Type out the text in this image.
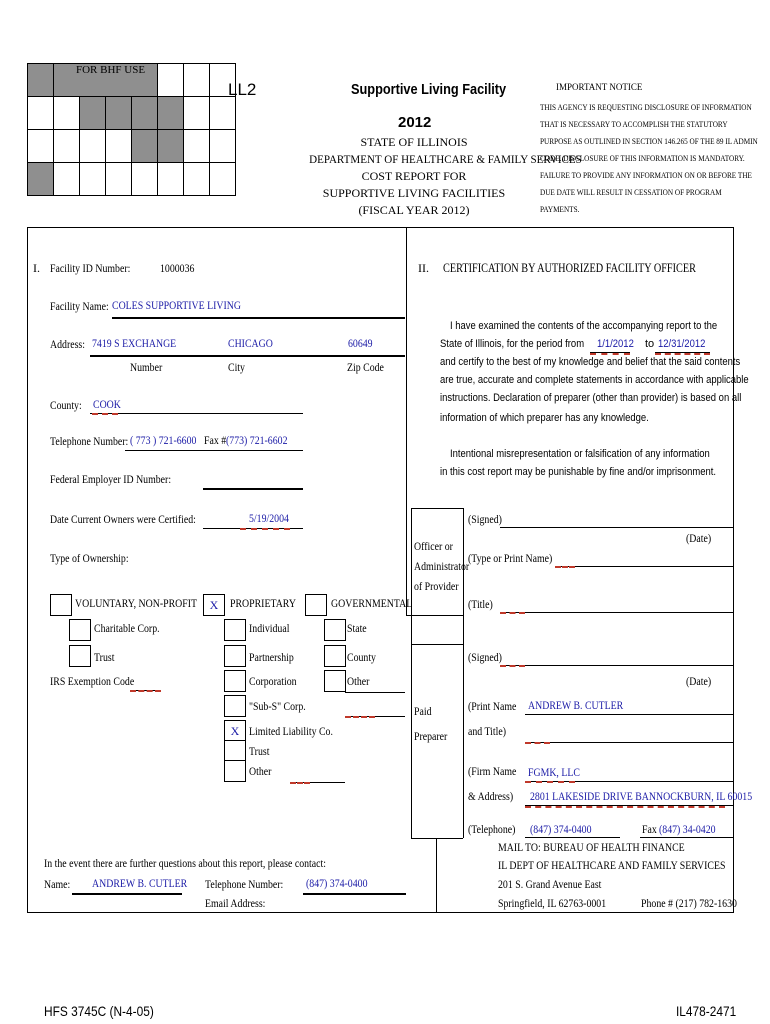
FOR BHF USE
LL2	Supportive Living Facility
2012
STATE OF ILLINOIS
DEPARTMENT OF HEALTHCARE & FAMILY SERVICES
COST REPORT FOR
SUPPORTIVE LIVING FACILITIES
(FISCAL YEAR 2012)
IMPORTANT NOTICE
THIS AGENCY IS REQUESTING DISCLOSURE OF INFORMATION
THAT IS NECESSARY TO ACCOMPLISH THE STATUTORY
PURPOSE AS OUTLINED IN SECTION 146.265 OF THE 89 IL ADMIN
CODE. DISCLOSURE OF THIS INFORMATION IS MANDATORY.
FAILURE TO PROVIDE ANY INFORMATION ON OR BEFORE THE
DUE DATE WILL RESULT IN CESSATION OF PROGRAM
PAYMENTS.
I. Facility ID Number: 1000036
Facility Name: COLES SUPPORTIVE LIVING
Address: 7419 S EXCHANGE	CHICAGO	60649
Number	City	Zip Code
County: COOK
Telephone Number: ( 773 ) 721-6600 Fax # (773) 721-6602
Federal Employer ID Number:
Date Current Owners were Certified:	5/19/2004
Type of Ownership:
VOLUNTARY, NON-PROFIT
Charitable Corp.
Trust
IRS Exemption Code
X PROPRIETARY
Individual
Partnership
Corporation
"Sub-S" Corp.
X Limited Liability Co.
Trust
Other
GOVERNMENTAL
State
County
Other
In the event there are further questions about this report, please contact:
Name: ANDREW B. CUTLER Telephone Number: (847) 374-0400
Email Address:
II. CERTIFICATION BY AUTHORIZED FACILITY OFFICER
I have examined the contents of the accompanying report to the
State of Illinois, for the period from 1/1/2012 to 12/31/2012
and certify to the best of my knowledge and belief that the said contents
are true, accurate and complete statements in accordance with applicable
instructions. Declaration of preparer (other than provider) is based on all
information of which preparer has any knowledge.
Intentional misrepresentation or falsification of any information
in this cost report may be punishable by fine and/or imprisonment.
Officer or
Administrator
of Provider
(Signed)
(Date)
(Type or Print Name)
(Title)
Paid
Preparer
(Signed)
(Date)
(Print Name ANDREW B. CUTLER
and Title)
(Firm Name FGMK, LLC
& Address) 2801 LAKESIDE DRIVE BANNOCKBURN, IL 60015
(Telephone) (847) 374-0400	Fax (847) 34-0420
MAIL TO: BUREAU OF HEALTH FINANCE
IL DEPT OF HEALTHCARE AND FAMILY SERVICES
201 S. Grand Avenue East
Springfield, IL 62763-0001	Phone # (217) 782-1630
HFS 3745C (N-4-05)	IL478-2471
